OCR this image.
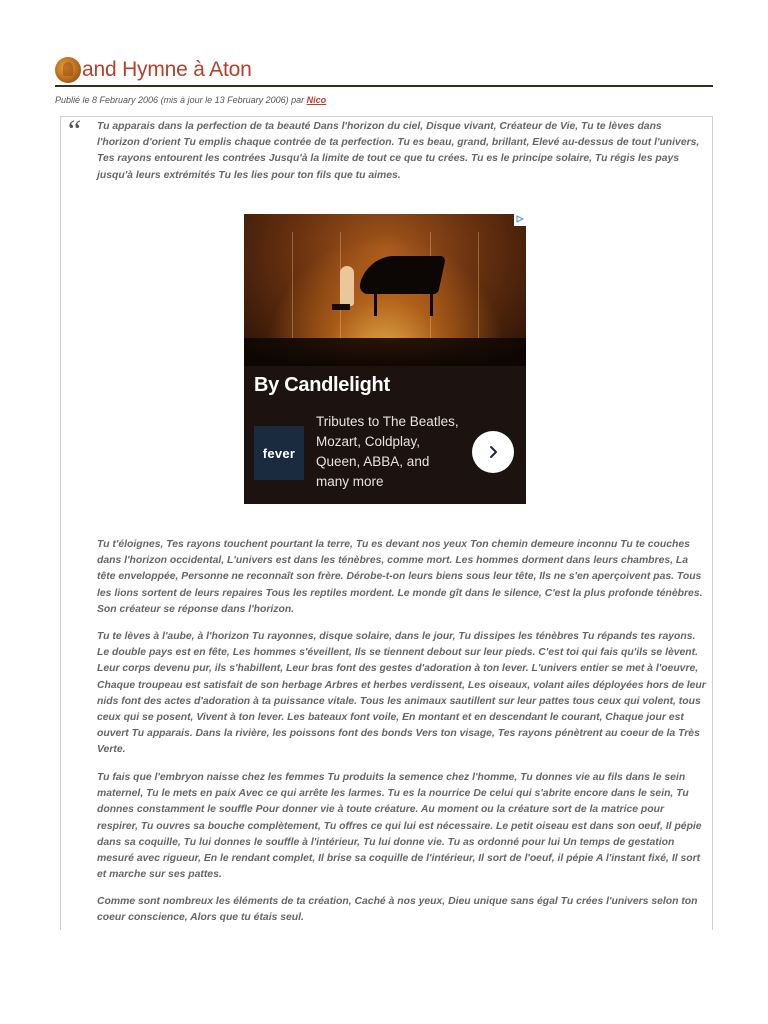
and Hymne à Aton
Publié le 8 February 2006 (mis à jour le 13 February 2006) par Nico
“ Tu apparais dans la perfection de ta beauté Dans l'horizon du ciel, Disque vivant, Créateur de Vie, Tu te lèves dans l'horizon d'orient Tu emplis chaque contrée de ta perfection. Tu es beau, grand, brillant, Elevé au-dessus de tout l'univers, Tes rayons entourent les contrées Jusqu'à la limite de tout ce que tu crées. Tu es le principe solaire, Tu régis les pays jusqu'à leurs extrémités Tu les lies pour ton fils que tu aimes.

By Candlelight
fever
Tributes to The Beatles, Mozart, Coldplay, Queen, ABBA, and many more

Tu t'éloignes, Tes rayons touchent pourtant la terre, Tu es devant nos yeux Ton chemin demeure inconnu Tu te couches dans l'horizon occidental, L'univers est dans les ténèbres, comme mort. Les hommes dorment dans leurs chambres, La tête enveloppée, Personne ne reconnaît son frère. Dérobe-t-on leurs biens sous leur tête, Ils ne s'en aperçoivent pas. Tous les lions sortent de leurs repaires Tous les reptiles mordent. Le monde gît dans le silence, C'est la plus profonde ténèbres. Son créateur se réponse dans l'horizon.

Tu te lèves à l'aube, à l'horizon Tu rayonnes, disque solaire, dans le jour, Tu dissipes les ténèbres Tu répands tes rayons. Le double pays est en fête, Les hommes s'éveillent, Ils se tiennent debout sur leur pieds. C'est toi qui fais qu'ils se lèvent. Leur corps devenu pur, ils s'habillent, Leur bras font des gestes d'adoration à ton lever. L'univers entier se met à l'oeuvre, Chaque troupeau est satisfait de son herbage Arbres et herbes verdissent, Les oiseaux, volant ailes déployées hors de leur nids font des actes d'adoration à ta puissance vitale. Tous les animaux sautillent sur leur pattes tous ceux qui volent, tous ceux qui se posent, Vivent à ton lever. Les bateaux font voile, En montant et en descendant le courant, Chaque jour est ouvert Tu apparais. Dans la rivière, les poissons font des bonds Vers ton visage, Tes rayons pénètrent au coeur de la Très Verte.

Tu fais que l'embryon naisse chez les femmes Tu produits la semence chez l'homme, Tu donnes vie au fils dans le sein maternel, Tu le mets en paix Avec ce qui arrête les larmes. Tu es la nourrice De celui qui s'abrite encore dans le sein, Tu donnes constamment le souffle Pour donner vie à toute créature. Au moment ou la créature sort de la matrice pour respirer, Tu ouvres sa bouche complètement, Tu offres ce qui lui est nécessaire. Le petit oiseau est dans son oeuf, Il pépie dans sa coquille, Tu lui donnes le souffle à l'intérieur, Tu lui donne vie. Tu as ordonné pour lui Un temps de gestation mesuré avec rigueur, En le rendant complet, Il brise sa coquille de l'intérieur, Il sort de l'oeuf, il pépie A l'instant fixé, Il sort et marche sur ses pattes.

Comme sont nombreux les éléments de ta création, Caché à nos yeux, Dieu unique sans égal Tu crées l'univers selon ton coeur conscience, Alors que tu étais seul.
